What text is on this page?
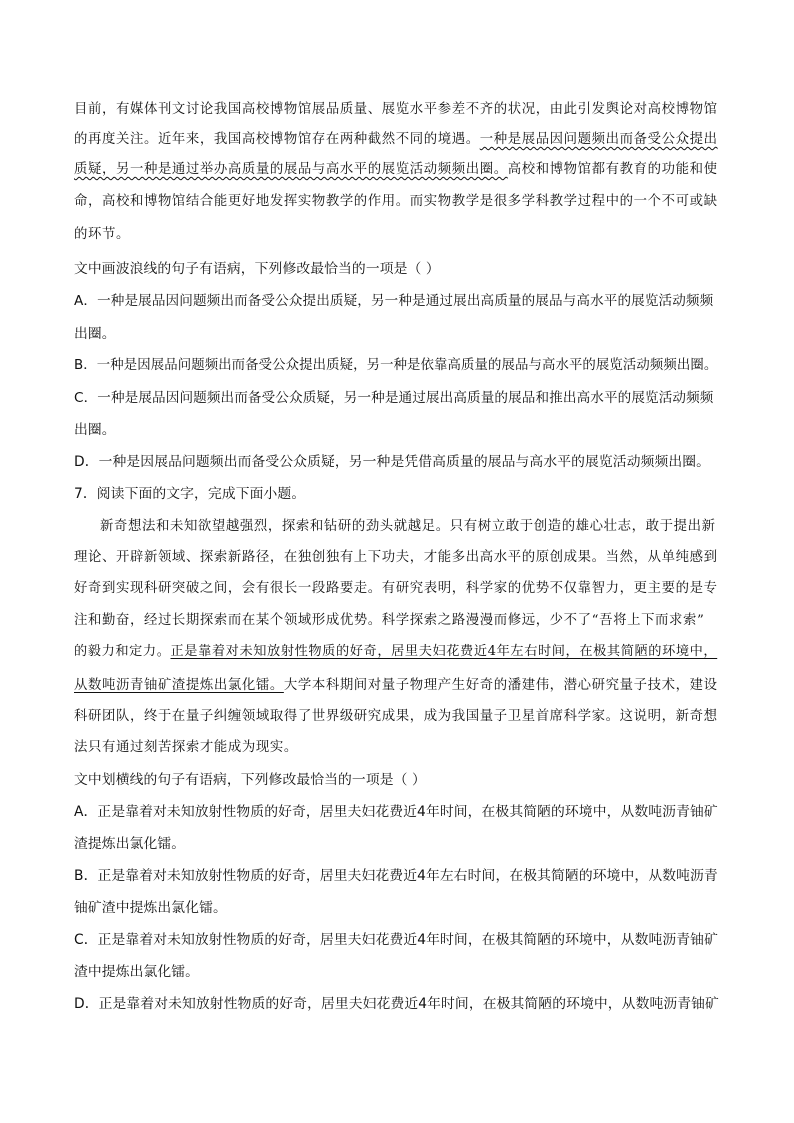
目前，有媒体刊文讨论我国高校博物馆展品质量、展览水平参差不齐的状况，由此引发舆论对高校博物馆
的再度关注。近年来，我国高校博物馆存在两种截然不同的境遇。一种是展品因问题频出而备受公众提出
质疑，另一种是通过举办高质量的展品与高水平的展览活动频频出圈。高校和博物馆都有教育的功能和使
命，高校和博物馆结合能更好地发挥实物教学的作用。而实物教学是很多学科教学过程中的一个不可或缺
的环节。
文中画波浪线的句子有语病，下列修改最恰当的一项是（ ）
A．一种是展品因问题频出而备受公众提出质疑，另一种是通过展出高质量的展品与高水平的展览活动频频
出圈。
B．一种是因展品问题频出而备受公众提出质疑，另一种是依靠高质量的展品与高水平的展览活动频频出圈。
C．一种是展品因问题频出而备受公众质疑，另一种是通过展出高质量的展品和推出高水平的展览活动频频
出圈。
D．一种是因展品问题频出而备受公众质疑，另一种是凭借高质量的展品与高水平的展览活动频频出圈。
7．阅读下面的文字，完成下面小题。
新奇想法和未知欲望越强烈，探索和钻研的劲头就越足。只有树立敢于创造的雄心壮志，敢于提出新
理论、开辟新领域、探索新路径，在独创独有上下功夫，才能多出高水平的原创成果。当然，从单纯感到
好奇到实现科研突破之间，会有很长一段路要走。有研究表明，科学家的优势不仅靠智力，更主要的是专
注和勤奋，经过长期探索而在某个领域形成优势。科学探索之路漫漫而修远，少不了“吾将上下而求索”
的毅力和定力。正是靠着对未知放射性物质的好奇，居里夫妇花费近4年左右时间，在极其简陋的环境中，
从数吨沥青铀矿渣提炼出氯化镭。大学本科期间对量子物理产生好奇的潘建伟，潜心研究量子技术，建设
科研团队，终于在量子纠缠领域取得了世界级研究成果，成为我国量子卫星首席科学家。这说明，新奇想
法只有通过刻苦探索才能成为现实。
文中划横线的句子有语病，下列修改最恰当的一项是（ ）
A．正是靠着对未知放射性物质的好奇，居里夫妇花费近4年时间，在极其简陋的环境中，从数吨沥青铀矿
渣提炼出氯化镭。
B．正是靠着对未知放射性物质的好奇，居里夫妇花费近4年左右时间，在极其简陋的环境中，从数吨沥青
铀矿渣中提炼出氯化镭。
C．正是靠着对未知放射性物质的好奇，居里夫妇花费近4年时间，在极其简陋的环境中，从数吨沥青铀矿
渣中提炼出氯化镭。
D．正是靠着对未知放射性物质的好奇，居里夫妇花费近4年时间，在极其简陋的环境中，从数吨沥青铀矿
